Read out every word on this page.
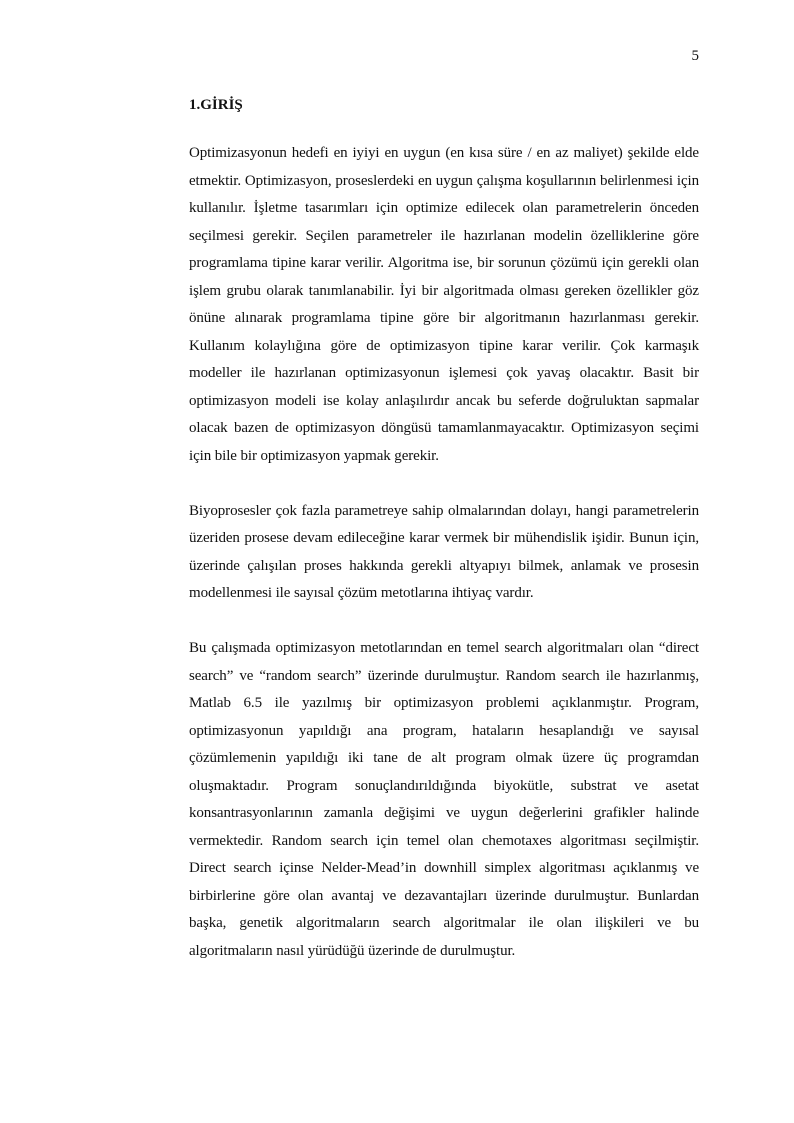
5
1.GİRİŞ

Optimizasyonun hedefi en iyiyi en uygun (en kısa süre / en az maliyet) şekilde elde etmektir. Optimizasyon, proseslerdeki en uygun çalışma koşullarının belirlenmesi için kullanılır. İşletme tasarımları için optimize edilecek olan parametrelerin önceden seçilmesi gerekir. Seçilen parametreler ile hazırlanan modelin özelliklerine göre programlama tipine karar verilir. Algoritma ise, bir sorunun çözümü için gerekli olan işlem grubu olarak tanımlanabilir. İyi bir algoritmada olması gereken özellikler göz önüne alınarak programlama tipine göre bir algoritmanın hazırlanması gerekir. Kullanım kolaylığına göre de optimizasyon tipine karar verilir. Çok karmaşık modeller ile hazırlanan optimizasyonun işlemesi çok yavaş olacaktır. Basit bir optimizasyon modeli ise kolay anlaşılırdır ancak bu seferde doğruluktan sapmalar olacak bazen de optimizasyon döngüsü tamamlanmayacaktır. Optimizasyon seçimi için bile bir optimizasyon yapmak gerekir.

Biyoprosesler çok fazla parametreye sahip olmalarından dolayı, hangi parametrelerin üzeriden prosese devam edileceğine karar vermek bir mühendislik işidir. Bunun için, üzerinde çalışılan proses hakkında gerekli altyapıyı bilmek, anlamak ve prosesin modellenmesi ile sayısal çözüm metotlarına ihtiyaç vardır.

Bu çalışmada optimizasyon metotlarından en temel search algoritmaları olan “direct search” ve “random search” üzerinde durulmuştur. Random search ile hazırlanmış, Matlab 6.5 ile yazılmış bir optimizasyon problemi açıklanmıştır. Program, optimizasyonun yapıldığı ana program, hataların hesaplandığı ve sayısal çözümlemenin yapıldığı iki tane de alt program olmak üzere üç programdan oluşmaktadır. Program sonuçlandırıldığında biyokütle, substrat ve asetat konsantrasyonlarının zamanla değişimi ve uygun değerlerini grafikler halinde vermektedir. Random search için temel olan chemotaxes algoritması seçilmiştir. Direct search içinse Nelder-Mead’in downhill simplex algoritması açıklanmış ve birbirlerine göre olan avantaj ve dezavantajları üzerinde durulmuştur. Bunlardan başka, genetik algoritmaların search algoritmalar ile olan ilişkileri ve bu algoritmaların nasıl yürüdüğü üzerinde de durulmuştur.
